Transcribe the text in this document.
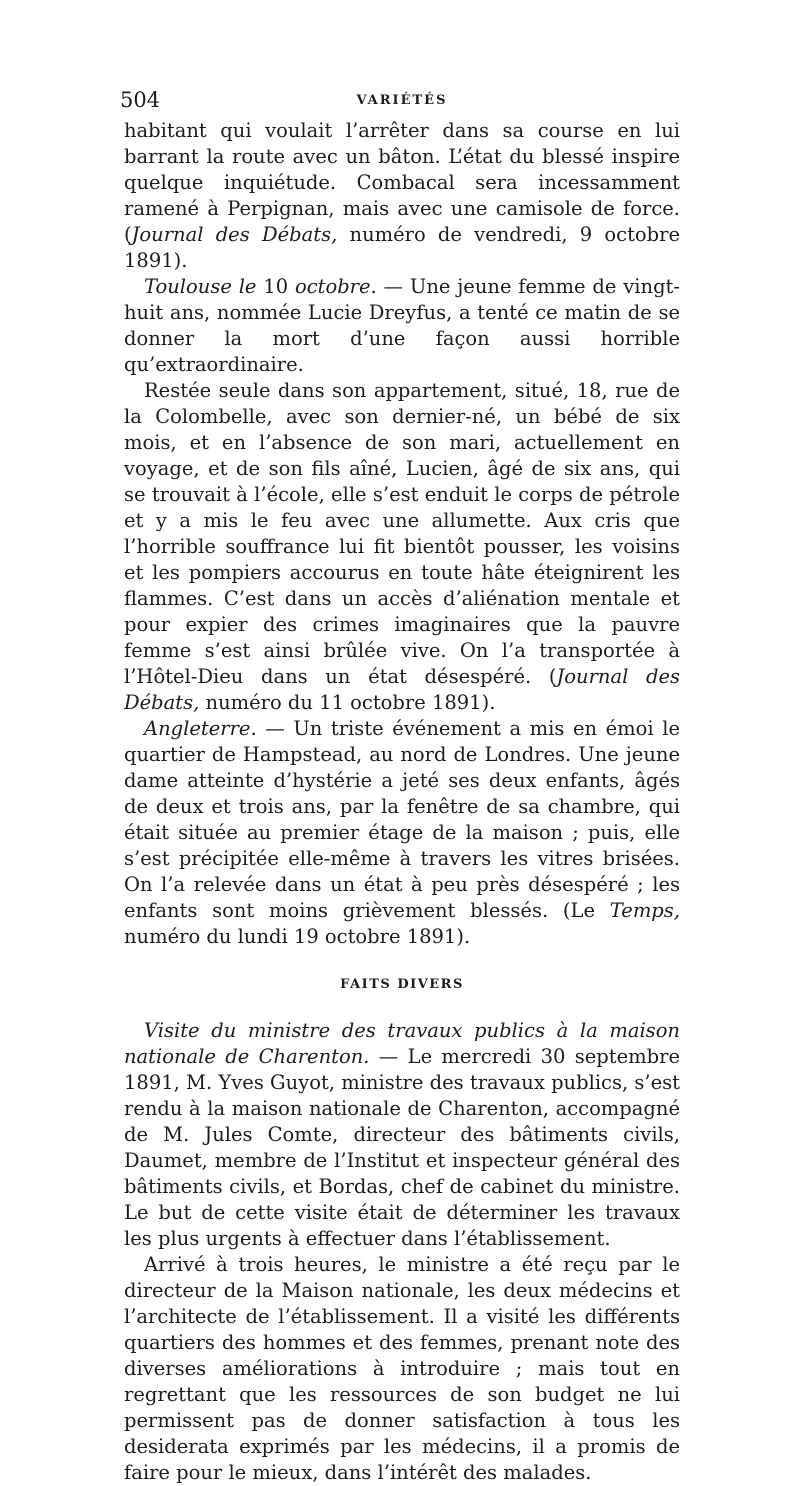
504	VARIÉTÉS

habitant qui voulait l’arrêter dans sa course en lui barrant la route avec un bâton. L’état du blessé inspire quelque inquiétude. Combacal sera incessamment ramené à Perpignan, mais avec une camisole de force. (Journal des Débats, numéro de vendredi, 9 octobre 1891).

Toulouse le 10 octobre. — Une jeune femme de vingt-huit ans, nommée Lucie Dreyfus, a tenté ce matin de se donner la mort d’une façon aussi horrible qu’extraordinaire.

Restée seule dans son appartement, situé, 18, rue de la Colombelle, avec son dernier-né, un bébé de six mois, et en l’absence de son mari, actuellement en voyage, et de son fils aîné, Lucien, âgé de six ans, qui se trouvait à l’école, elle s’est enduit le corps de pétrole et y a mis le feu avec une allumette. Aux cris que l’horrible souffrance lui fit bientôt pousser, les voisins et les pompiers accourus en toute hâte éteignirent les flammes. C’est dans un accès d’aliénation mentale et pour expier des crimes imaginaires que la pauvre femme s’est ainsi brûlée vive. On l’a transportée à l’Hôtel-Dieu dans un état désespéré. (Journal des Débats, numéro du 11 octobre 1891).

Angleterre. — Un triste événement a mis en émoi le quartier de Hampstead, au nord de Londres. Une jeune dame atteinte d’hystérie a jeté ses deux enfants, âgés de deux et trois ans, par la fenêtre de sa chambre, qui était située au premier étage de la maison ; puis, elle s’est précipitée elle-même à travers les vitres brisées. On l’a relevée dans un état à peu près désespéré ; les enfants sont moins grièvement blessés. (Le Temps, numéro du lundi 19 octobre 1891).

FAITS DIVERS

Visite du ministre des travaux publics à la maison nationale de Charenton. — Le mercredi 30 septembre 1891, M. Yves Guyot, ministre des travaux publics, s’est rendu à la maison nationale de Charenton, accompagné de M. Jules Comte, directeur des bâtiments civils, Daumet, membre de l’Institut et inspecteur général des bâtiments civils, et Bordas, chef de cabinet du ministre. Le but de cette visite était de déterminer les travaux les plus urgents à effectuer dans l’établissement.

Arrivé à trois heures, le ministre a été reçu par le directeur de la Maison nationale, les deux médecins et l’architecte de l’établissement. Il a visité les différents quartiers des hommes et des femmes, prenant note des diverses améliorations à introduire ; mais tout en regrettant que les ressources de son budget ne lui permissent pas de donner satisfaction à tous les desiderata exprimés par les médecins, il a promis de faire pour le mieux, dans l’intérêt des malades.
